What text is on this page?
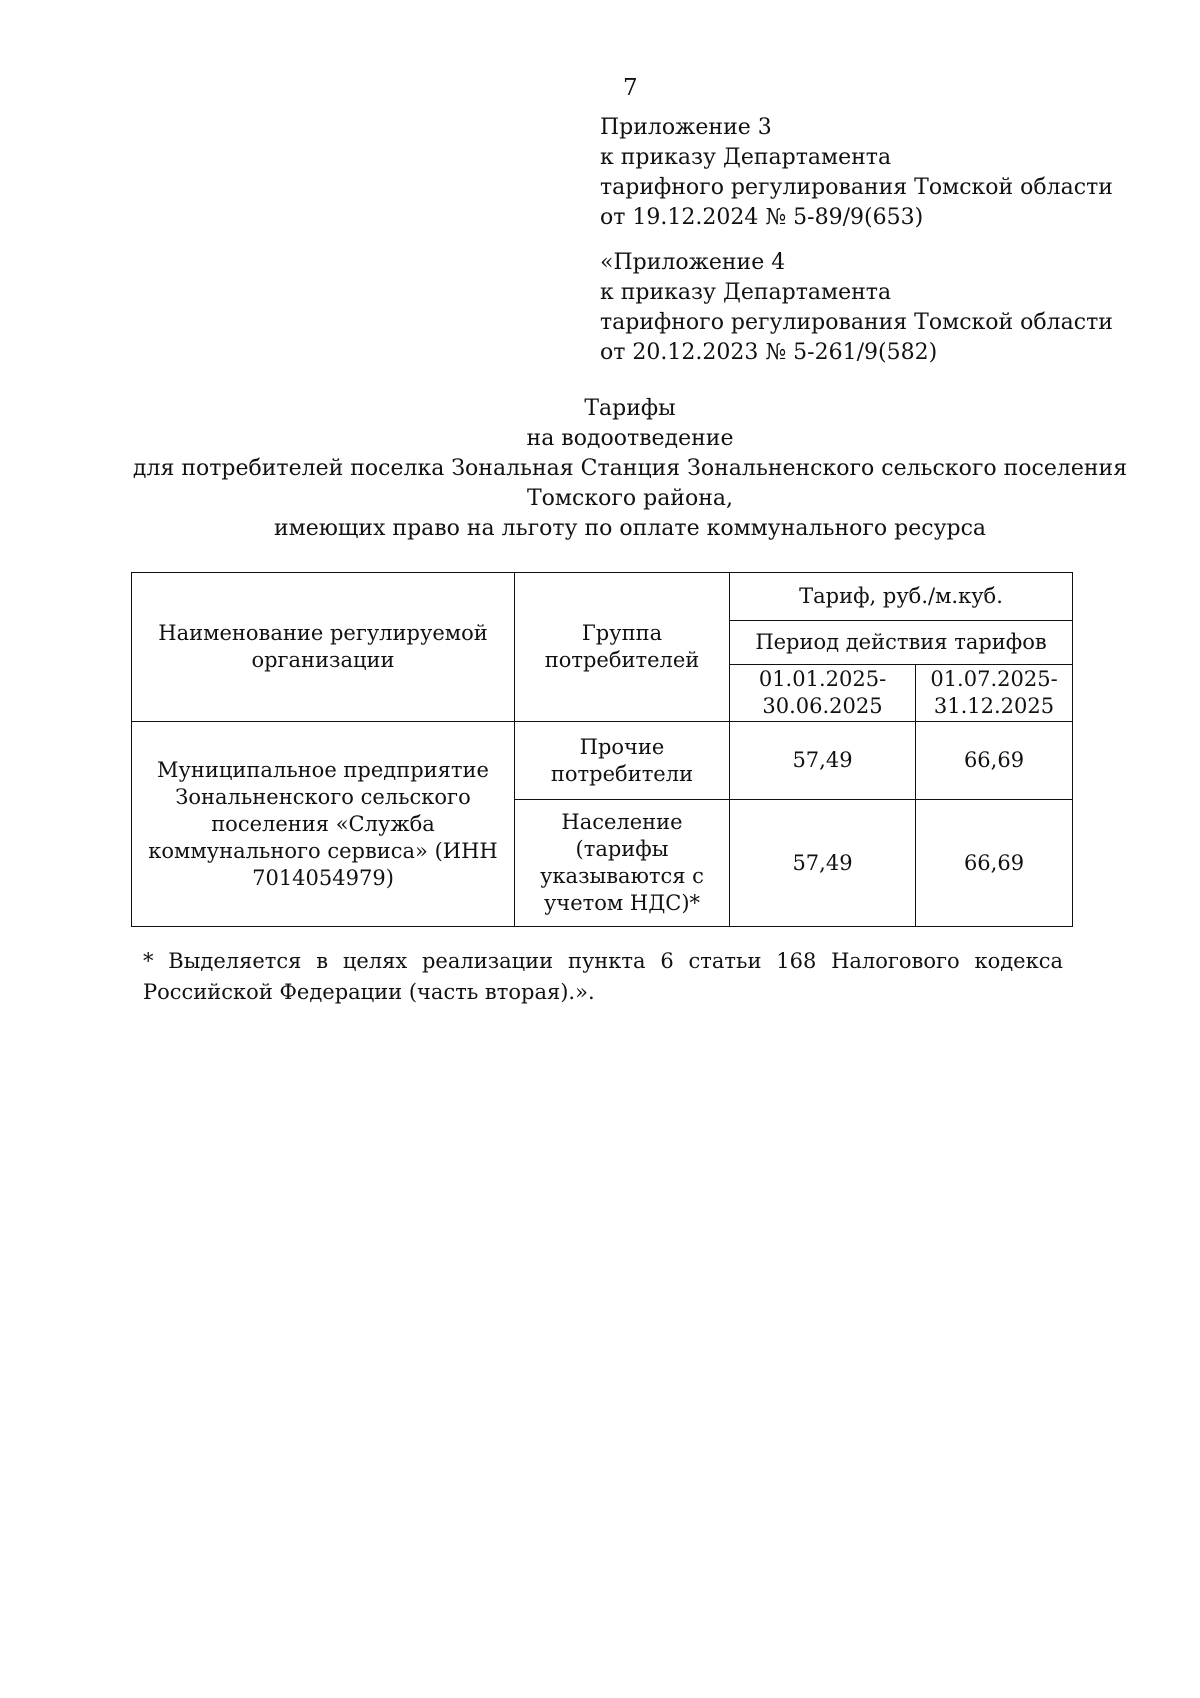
7
Приложение 3
к приказу Департамента
тарифного регулирования Томской области
от 19.12.2024 № 5-89/9(653)
«Приложение 4
к приказу Департамента
тарифного регулирования Томской области
от 20.12.2023 № 5-261/9(582)
Тарифы
на водоотведение
для потребителей поселка Зональная Станция Зональненского сельского поселения
Томского района,
имеющих право на льготу по оплате коммунального ресурса
Наименование регулируемой организации	Группа потребителей	Тариф, руб./м.куб.	
		Период действия тарифов	
		01.01.2025-30.06.2025	01.07.2025-31.12.2025
Муниципальное предприятие Зональненского сельского поселения «Служба коммунального сервиса» (ИНН 7014054979)	Прочие потребители	57,49	66,69
	Население (тарифы указываются с учетом НДС)*	57,49	66,69
* Выделяется в целях реализации пункта 6 статьи 168 Налогового кодекса Российской Федерации (часть вторая).».
